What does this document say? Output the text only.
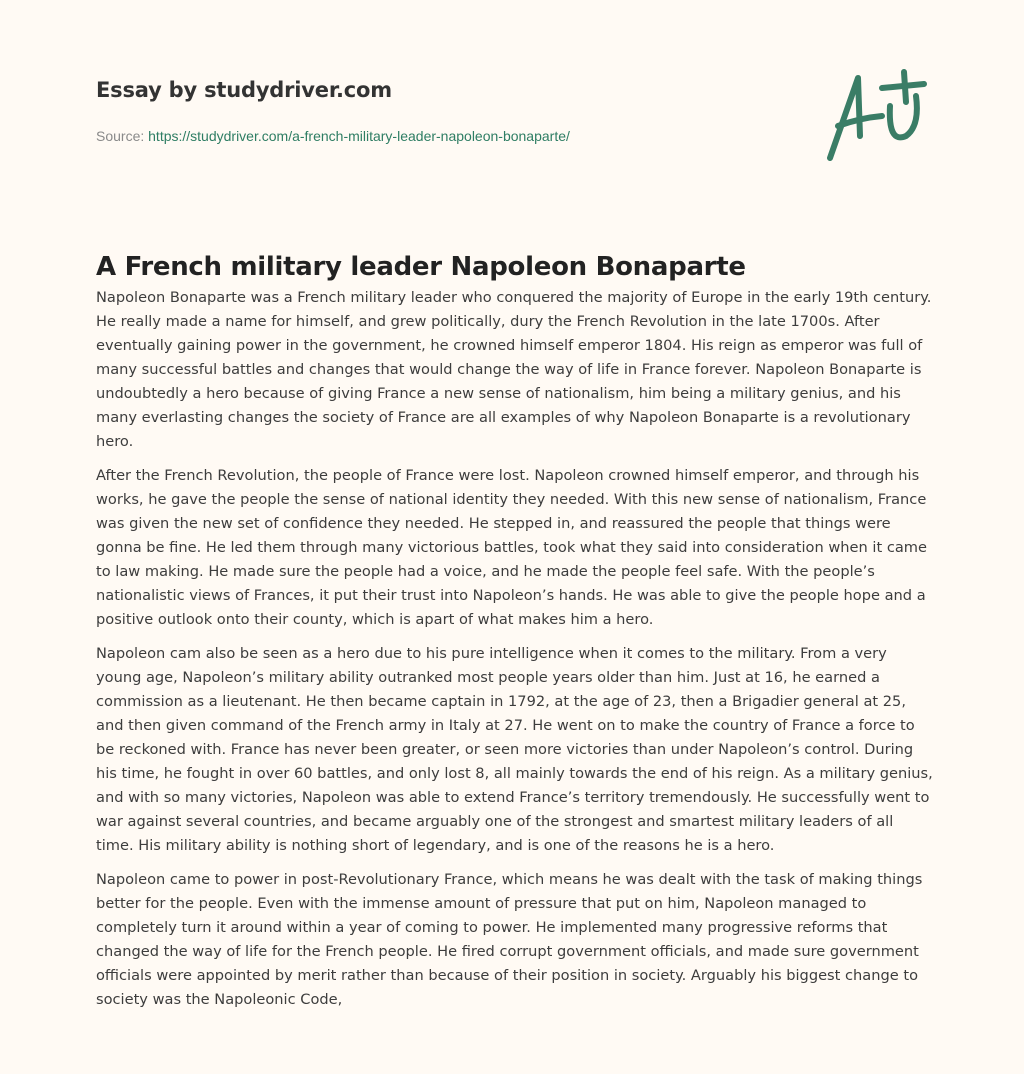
Essay by studydriver.com

Source: https://studydriver.com/a-french-military-leader-napoleon-bonaparte/
A French military leader Napoleon Bonaparte

Napoleon Bonaparte was a French military leader who conquered the majority of Europe in the early 19th century. He really made a name for himself, and grew politically, dury the French Revolution in the late 1700s. After eventually gaining power in the government, he crowned himself emperor 1804. His reign as emperor was full of many successful battles and changes that would change the way of life in France forever. Napoleon Bonaparte is undoubtedly a hero because of giving France a new sense of nationalism, him being a military genius, and his many everlasting changes the society of France are all examples of why Napoleon Bonaparte is a revolutionary hero.

After the French Revolution, the people of France were lost. Napoleon crowned himself emperor, and through his works, he gave the people the sense of national identity they needed. With this new sense of nationalism, France was given the new set of confidence they needed. He stepped in, and reassured the people that things were gonna be fine. He led them through many victorious battles, took what they said into consideration when it came to law making. He made sure the people had a voice, and he made the people feel safe. With the people’s nationalistic views of Frances, it put their trust into Napoleon’s hands. He was able to give the people hope and a positive outlook onto their county, which is apart of what makes him a hero.

Napoleon cam also be seen as a hero due to his pure intelligence when it comes to the military. From a very young age, Napoleon’s military ability outranked most people years older than him. Just at 16, he earned a commission as a lieutenant. He then became captain in 1792, at the age of 23, then a Brigadier general at 25, and then given command of the French army in Italy at 27. He went on to make the country of France a force to be reckoned with. France has never been greater, or seen more victories than under Napoleon’s control. During his time, he fought in over 60 battles, and only lost 8, all mainly towards the end of his reign. As a military genius, and with so many victories, Napoleon was able to extend France’s territory tremendously. He successfully went to war against several countries, and became arguably one of the strongest and smartest military leaders of all time. His military ability is nothing short of legendary, and is one of the reasons he is a hero.

Napoleon came to power in post-Revolutionary France, which means he was dealt with the task of making things better for the people. Even with the immense amount of pressure that put on him, Napoleon managed to completely turn it around within a year of coming to power. He implemented many progressive reforms that changed the way of life for the French people. He fired corrupt government officials, and made sure government officials were appointed by merit rather than because of their position in society. Arguably his biggest change to society was the Napoleonic Code,
